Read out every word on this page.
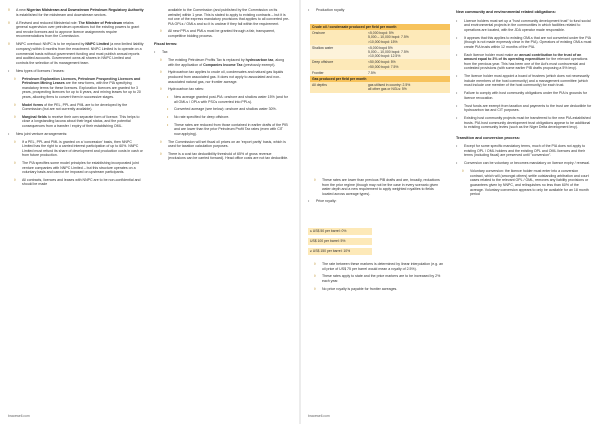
◊ A new Nigerian Midstream and Downstream Petroleum Regulatory Authority is established for the midstream and downstream sectors.
◊ A Revised and reduced Ministerial role: The Minister of Petroleum retains general supervision over petroleum operations but the existing powers to grant and revoke licences and to approve licence assignments require recommendations from the Commission.
◊ NNPC overhaul: NNPC is to be replaced by NNPC Limited (a new limited liability company) within 6 months from the enactment. NNPC Limited is to operate on a commercial basis without government funding and must publish annual reports and audited accounts. Government owns all shares in NNPC Limited and controls the selection of its management team.
• New types of licences / leases:
◊ Petroleum Exploration Licences, Petroleum Prospecting Licences and Petroleum Mining Leases are the new forms, with the PIA specifying mandatory terms for these licences. Exploration licences are granted for 3 years, prospecting licences for up to 6 years, and mining leases for up to 20 years, allowing firms to convert them in successive stages.
◊ Model forms of the PEL, PPL and PML are to be developed by the Commission (but are not currently available).
◊ Marginal fields to receive their own separate form of licence. This helps to close a longstanding lacuna about their legal status, and the potential consequences from a transfer / expiry of their establishing OML.
• New joint venture arrangements:
◊ If a PEL, PPL and PML is granted on a 'concession' basis, then NNPC Limited has the right to a carried interest participation of up to 60%. NNPC Limited must refund its share of development and production costs in cash or from future production.
◊ The PIA specifies some model principles for establishing incorporated joint venture companies with NNPC Limited – but this structure operates on a voluntary basis and cannot be imposed on upstream participants.
◊ All contracts, licences and leases with NNPC are to be non-confidential and should be made
bracewell.com
available to the Commission (and published by the Commission on its website) within 1 year. This is stated to apply to existing contracts – but it is not one of the express mandatory provisions that applies to all converted pre-PIA OPLs / OMLs and so it is unclear if they fall within the requirement.
◊ All new PPLs and PMLs must be granted through a fair, transparent, competitive bidding process.
Fiscal terms:
• Tax
◊ The existing Petroleum Profits Tax is replaced by hydrocarbon tax, along with the application of Companies Income Tax (previously exempt).
◊ Hydrocarbon tax applies to crude oil, condensates and natural gas liquids produced from associated gas. It does not apply to associated and non-associated natural gas, nor frontier acreage.
◊ Hydrocarbon tax rates:
• New acreage granted post-PIA: onshore and shallow water 15% (and for all OMLs / OPLs with PSCs converted into PPLs).
• Converted acreage (see below): onshore and shallow water 30%.
• No rate specified for deep offshore.
• These rates are reduced from those contained in earlier drafts of the PIB and are lower than the prior Petroleum Profit Tax rates (even with CIT now applying).
◊ The Commission will set fiscal oil prices on an 'export parity' basis, which is used for taxation calculation purposes.
◊ There is a cost tax deductibility threshold of 65% of gross revenue (exclusions can be carried forward). Head office costs are not tax deductible.
• Production royalty
Crude oil / condensate produced per field per month	
Onshore	<5,000 bopd: 5%
5,000 – 10,000 bopd: 7.5%
>10,000 bopd: 15%
Shallow water	<5,000 bopd 5%
5,000 – 10,000 bopd: 7.5%
>10,000 bopd: 12.5%
Deep offshore	<50,000 bopd: 5%
>50,000 bopd: 7.5%
Frontier	7.5%
Gas produced per field per month	
All depths	gas utilised in country: 2.5%
all other gas or NGLs: 5%
◊ These rates are lower than previous PIB drafts and are, broadly, reductions from the prior regime (though may not be the case in every scenario given water depth and a new requirement to apply weighted royalties to fields located across acreage types).
• Price royalty:
≤ US$ 50 per barrel: 0%
US$ 100 per barrel: 5%
≥ US$ 150 per barrel: 10%
◊ The rate between these markers is determined by linear interpolation (e.g. an oil price of US$ 75 per barrel would mean a royalty of 2.5%).
◊ These rates apply to state and the price markers are to be increased by 2% each year.
◊ No price royalty is payable for frontier acreages.
bracewell.com
New community and environmental related obligations:
• Licence holders must set up a "host community development trust" to fund social and environmental projects in the communities in which facilities related to operations are located, with the JDA operator made responsible.
• It appears that this applies to existing OMLs that are not converted under the PIA (though is not made expressly clear in the PIA). Operators of existing OMLs must create PIA trusts within 12 months of the PIA.
• Each licence holder must make an annual contribution to the trust of an amount equal to 3% of its operating expenditure for the relevant operations from the previous year. This has been one of the Act's most controversial and contested provisions (with some earlier PIB drafts proposing a 5% levy).
• The licence holder must appoint a board of trustees (which does not necessarily include members of the host community) and a management committee (which must include one member of the host community) for each trust.
• Failure to comply with host community obligations under the PIA is grounds for licence revocation.
• Trust funds are exempt from taxation and payments to the trust are deductible for hydrocarbon tax and CIT purposes.
• Existing host community projects must be transferred to the new PIA-established trusts. PIA host community development trust obligations appear to be additional to existing community levies (such as the Niger Delta development levy).
Transition and conversion process:
• Except for some specific mandatory terms, much of the PIA does not apply to existing OPL / OML holders and the existing OPL and OML licences and their terms (including fiscal) are preserved until "conversion".
• Conversion can be voluntary or becomes mandatory on licence expiry / renewal.
◊ Voluntary conversion: the licence holder must enter into a conversion contract, which will (amongst others) settle outstanding arbitration and court cases related to the relevant OPL / OML, removes any liability provisions or guarantees given by NNPC, and relinquishes no less than 60% of the acreage. Voluntary conversion appears to only be available for an 18 month period
